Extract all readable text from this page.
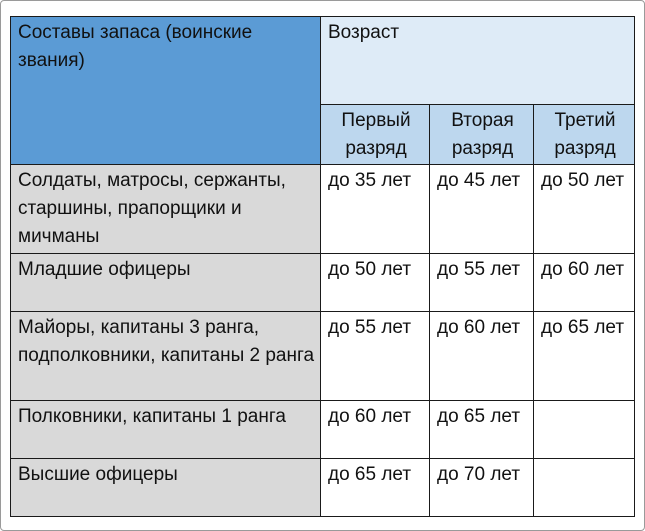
Составы запаса (воинские звания)	Возраст		

	Первый разряд	Вторая разряд	Третий разряд

Солдаты, матросы, сержанты, старшины, прапорщики и мичманы	до 35 лет	до 45 лет	до 50 лет
Младшие офицеры	до 50 лет	до 55 лет	до 60 лет
Майоры, капитаны 3 ранга, подполковники, капитаны 2 ранга	до 55 лет	до 60 лет	до 65 лет
Полковники, капитаны 1 ранга	до 60 лет	до 65 лет	
Высшие офицеры	до 65 лет	до 70 лет	
